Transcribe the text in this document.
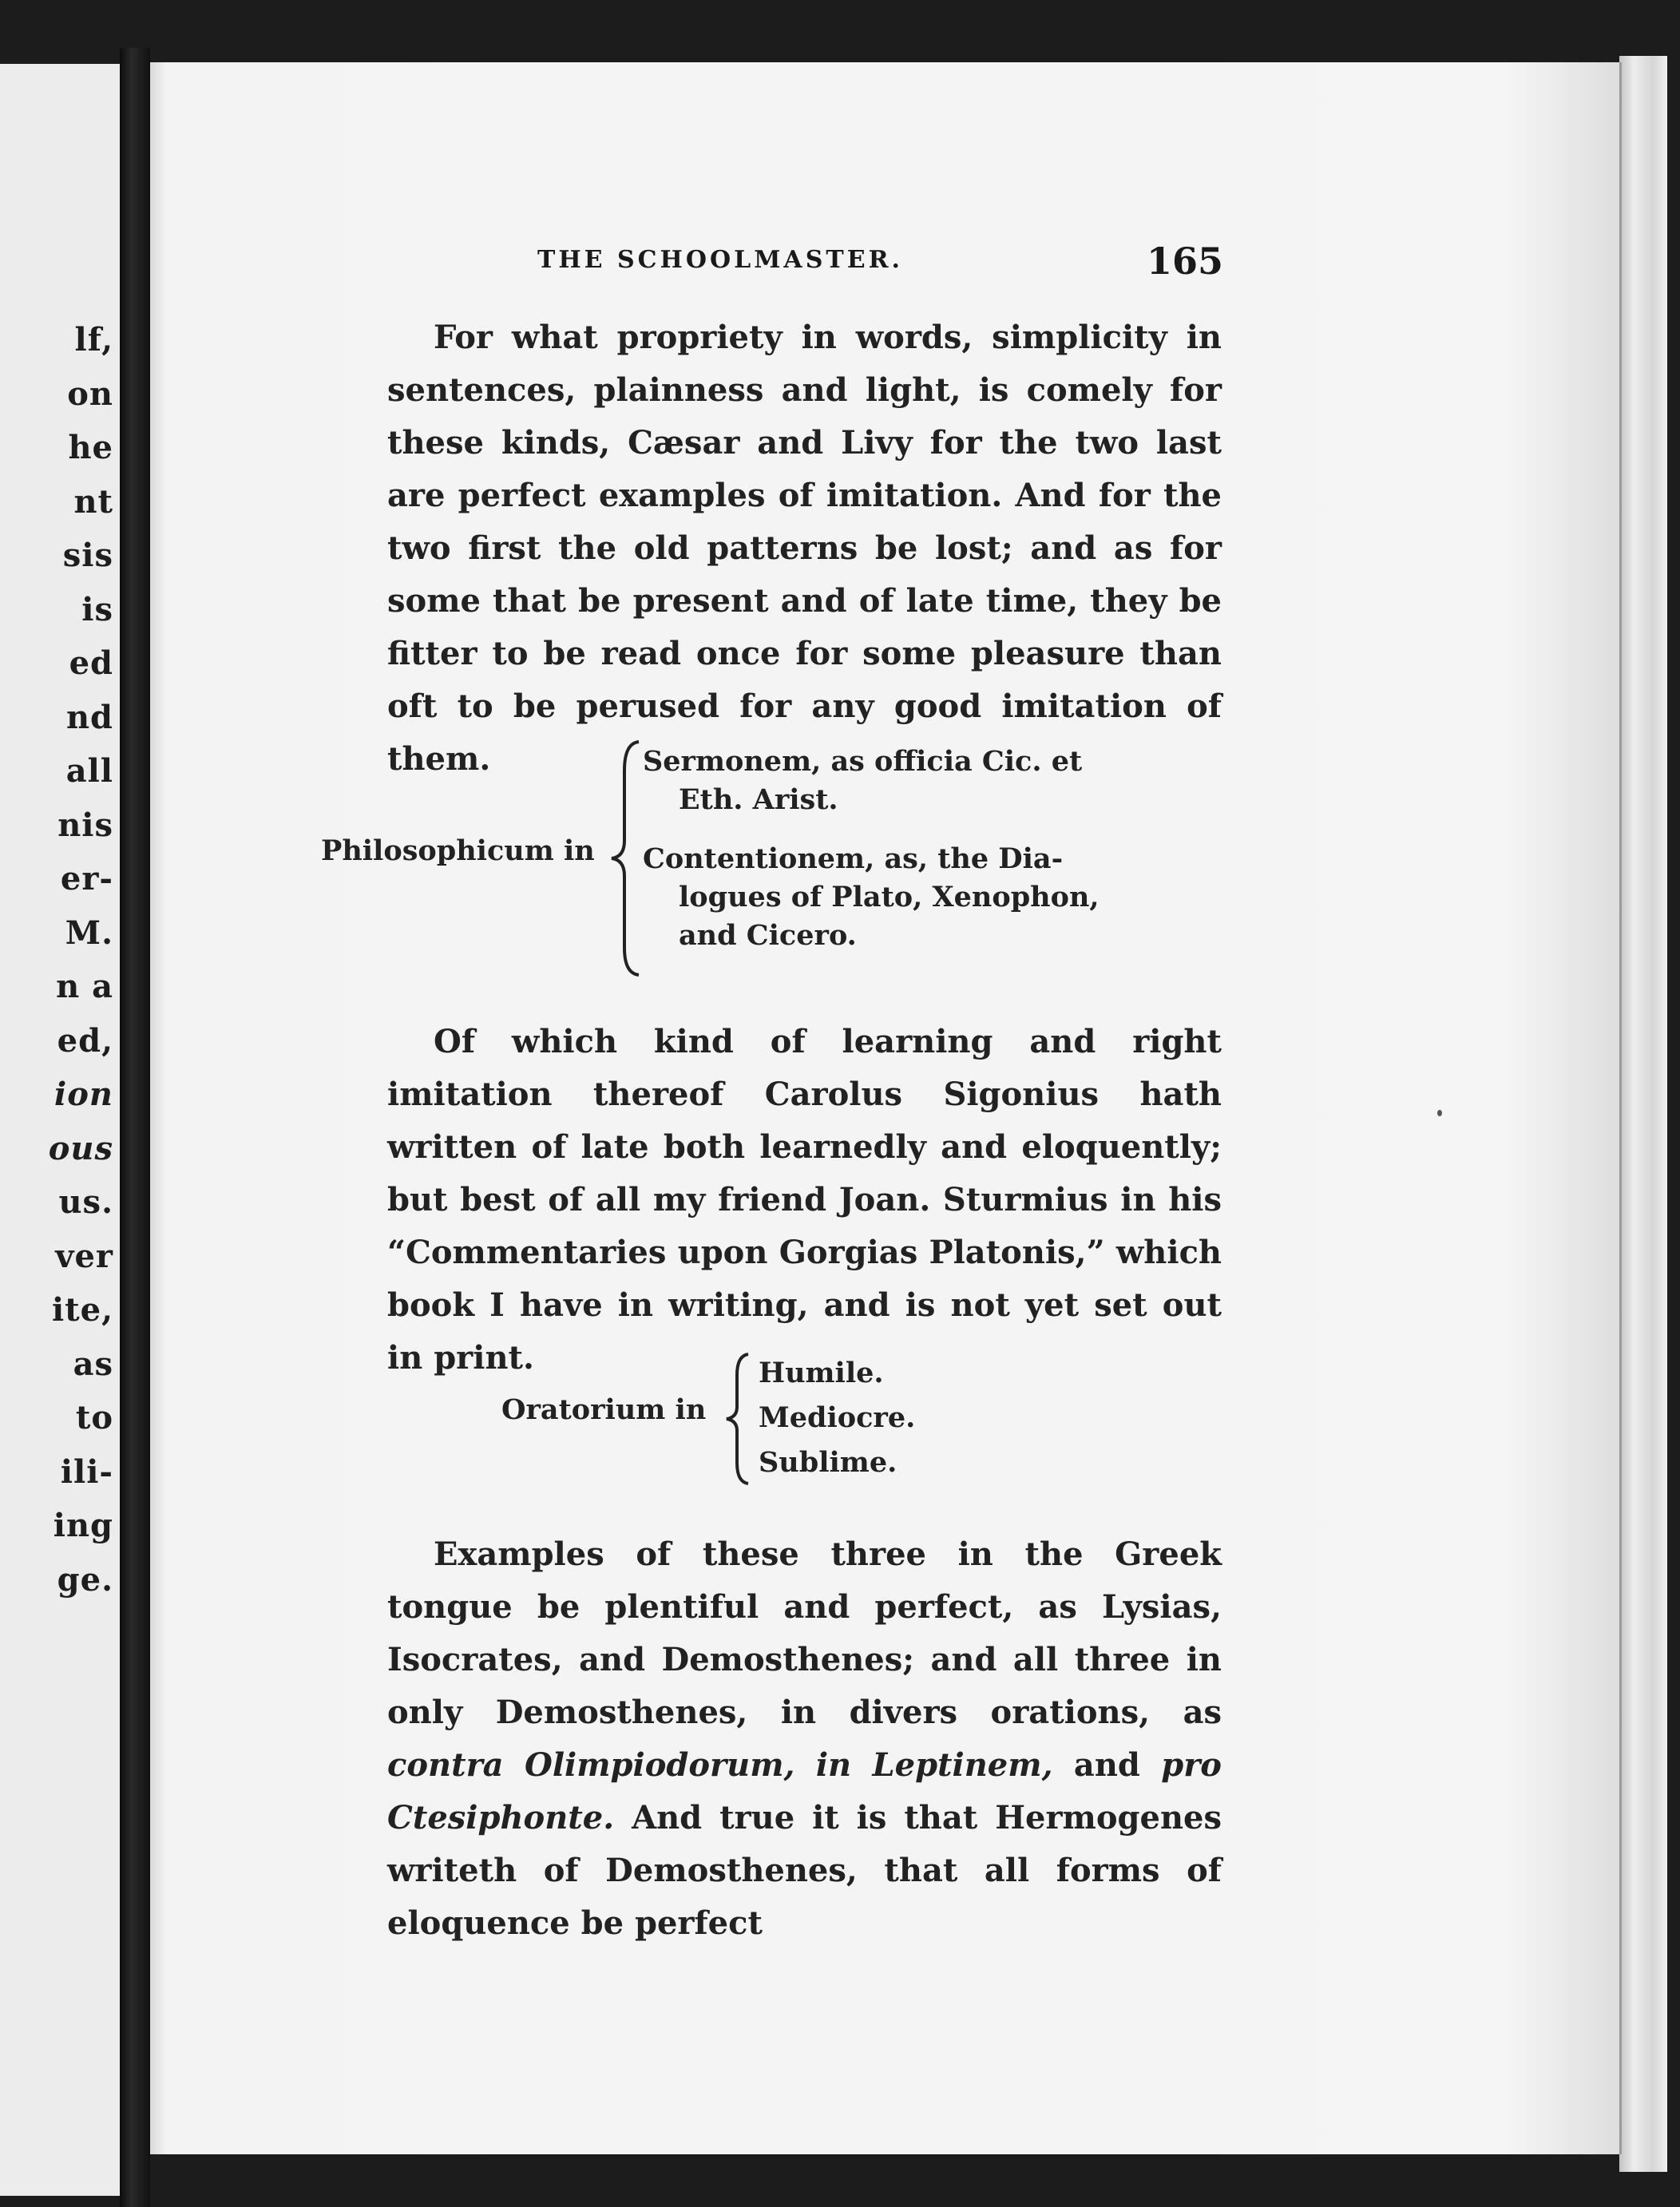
lf,
on
he
nt
sis
is
ed
nd
all
nis
er-
M.
n a
ed,
ion
ous
us.
ver
ite,
as
to
ili-
ing
ge.
THE SCHOOLMASTER.	165

For what propriety in words, simplicity in sentences, plainness and light, is comely for these kinds, Cæsar and Livy for the two last are perfect examples of imitation. And for the two first the old patterns be lost; and as for some that be present and of late time, they be fitter to be read once for some pleasure than oft to be perused for any good imitation of them.

Philosophicum in

Sermonem, as officia Cic. et
Eth. Arist.

Contentionem, as, the Dia-
logues of Plato, Xenophon,
and Cicero.

Of which kind of learning and right imitation thereof Carolus Sigonius hath written of late both learnedly and eloquently; but best of all my friend Joan. Sturmius in his “Commentaries upon Gorgias Platonis,” which book I have in writing, and is not yet set out in print.

Oratorium in

Humile.

Mediocre.

Sublime.

Examples of these three in the Greek tongue be plentiful and perfect, as Lysias, Isocrates, and Demosthenes; and all three in only Demosthenes, in divers orations, as contra Olimpiodorum, in Leptinem, and pro Ctesiphonte. And true it is that Hermogenes writeth of Demosthenes, that all forms of eloquence be perfect
